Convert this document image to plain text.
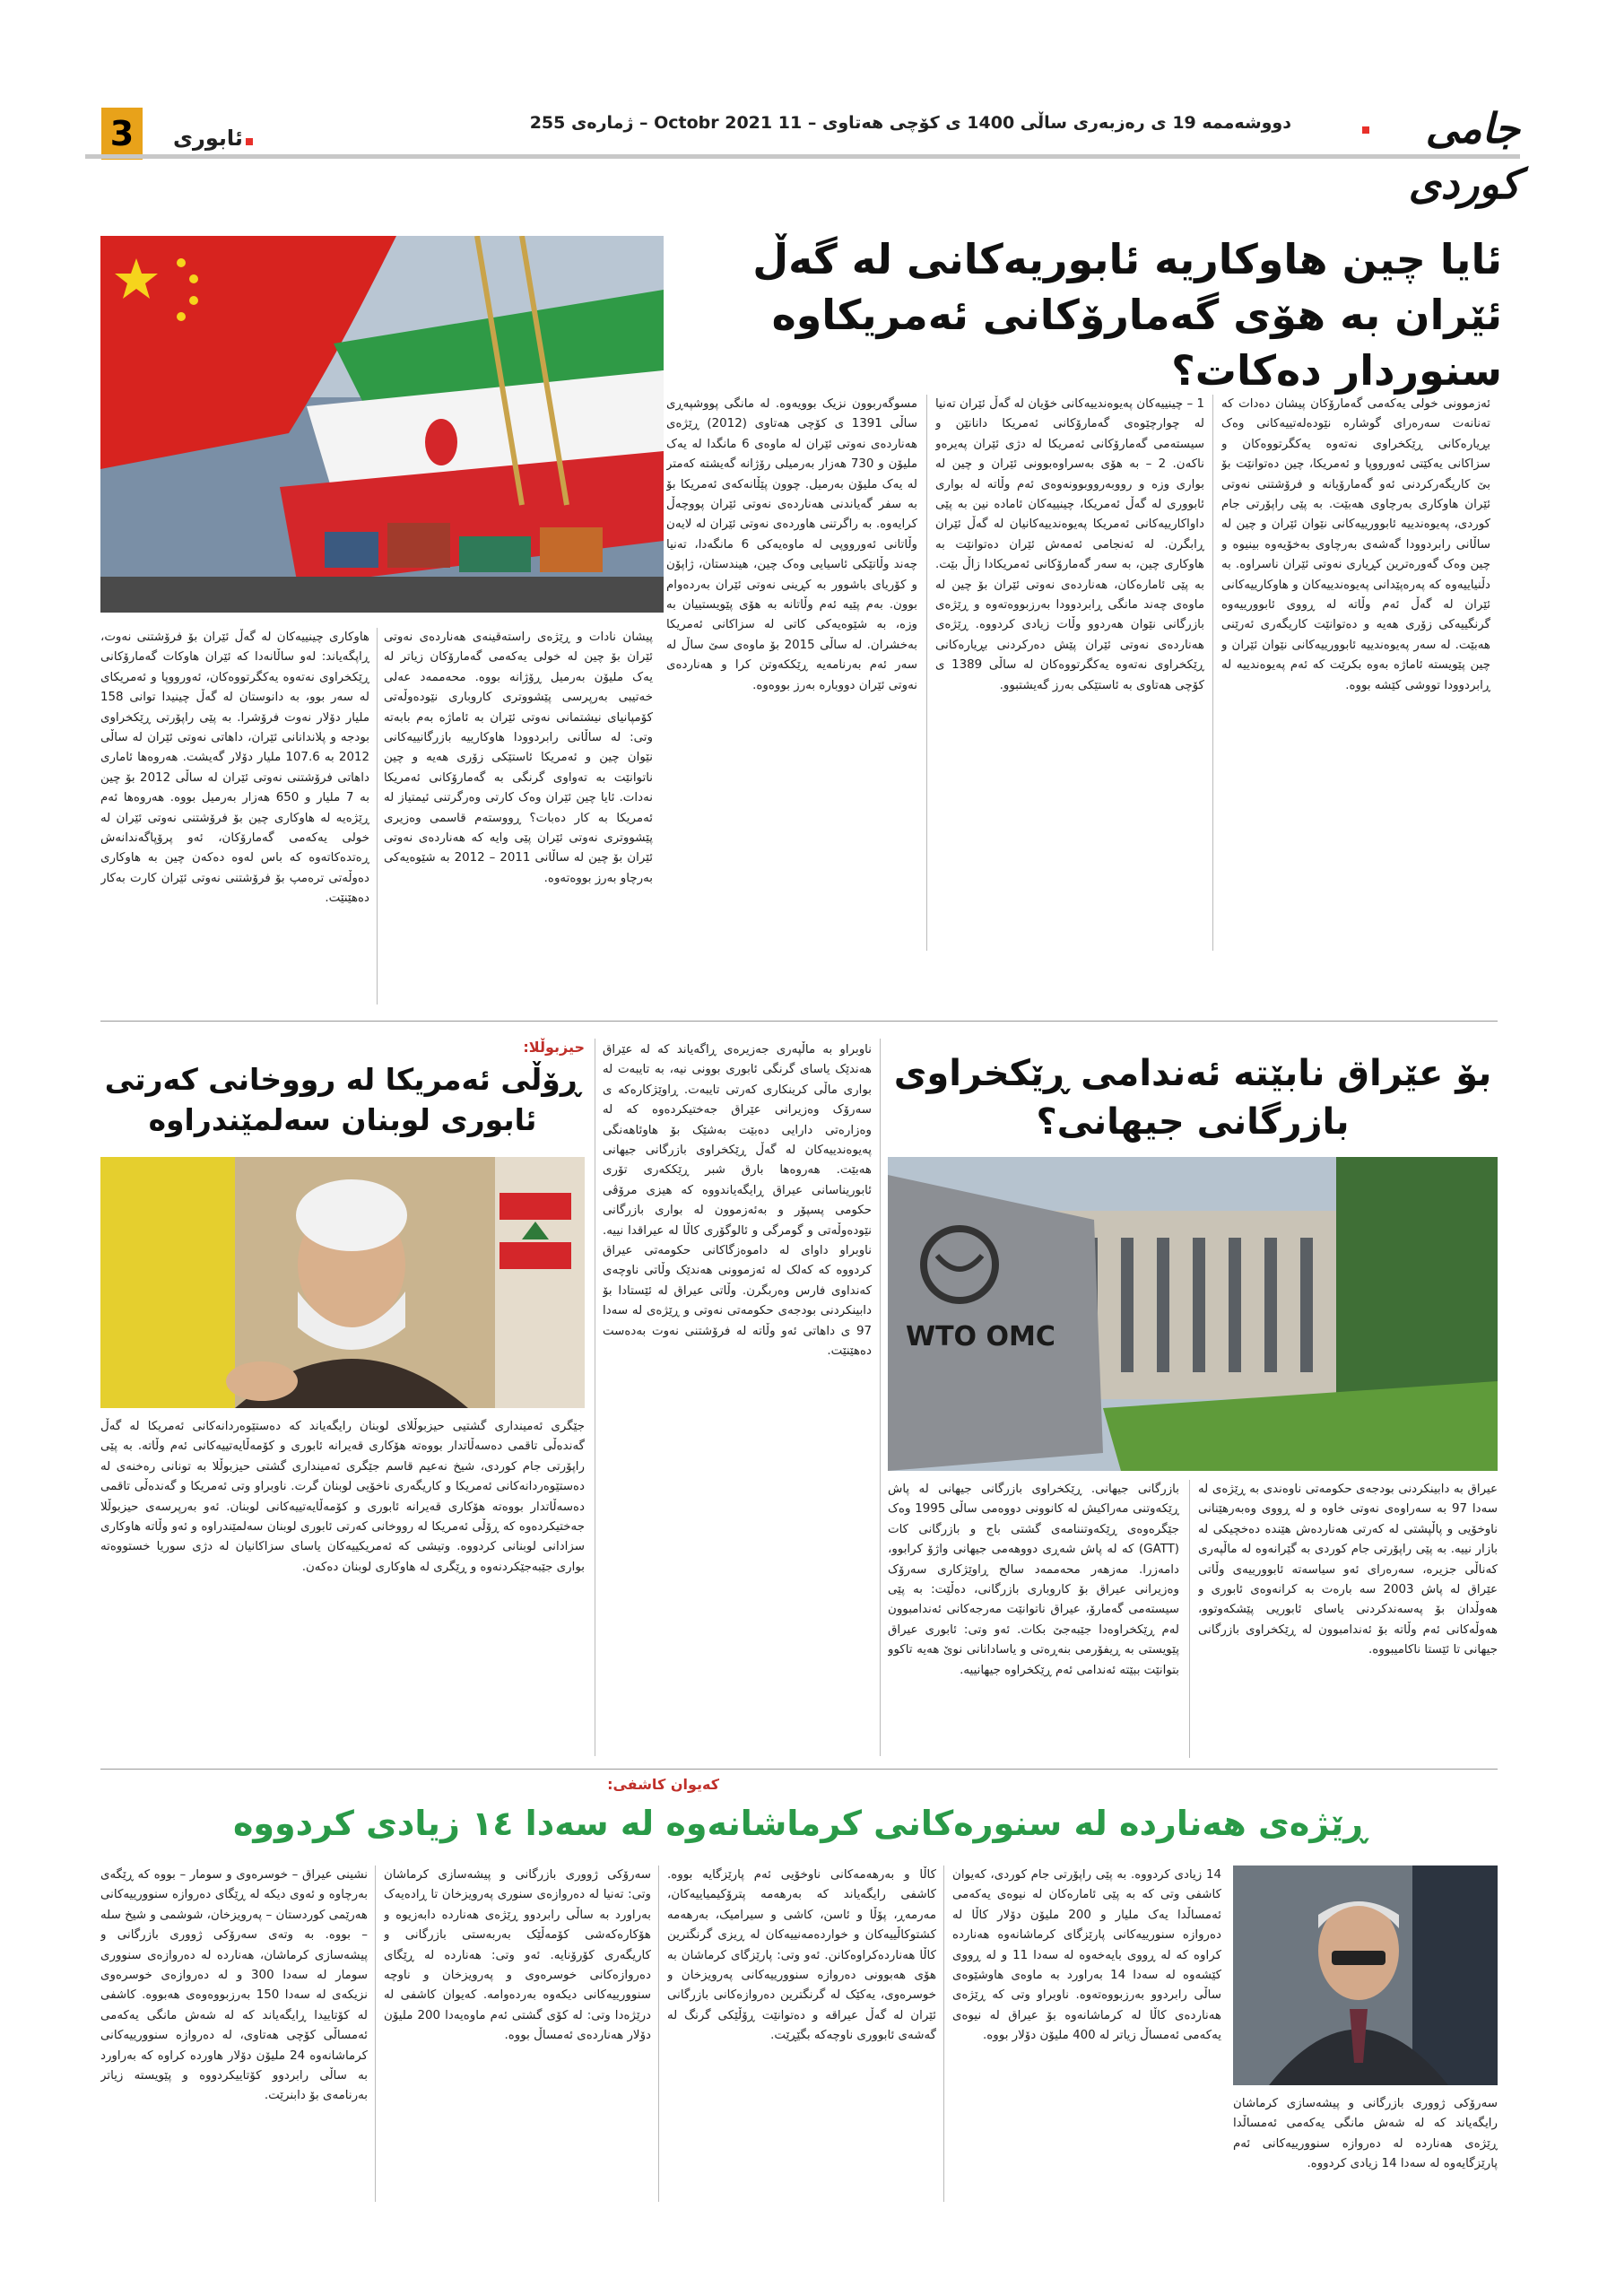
3	ئابوری
دووشەممە 19 ی رەزبەری ساڵی 1400 ی کۆچی هەتاوی – 11 Octobr 2021 – ژمارەی 255	جامی کوردی
ئایا چین هاوکاریە ئابوریەکانی لە گەڵ ئێران بە هۆی گەمارۆکانی ئەمریکاوە سنوردار دەکات؟
ئەزموونی خولی یەکەمی گەمارۆکان پیشان دەدات کە تەنانەت سەرەرای گوشارە نێودەلەتییەکانی وەک بڕیارەکانی ڕێکخراوی نەتەوە یەکگرتووەکان و سزاکانی یەکێتی ئەورووپا و ئەمریکا، چین دەتوانێت بۆ بێ کاریگەرکردنی ئەو گەمارۆیانە و فرۆشتنی نەوتی ئێران هاوکاری بەرچاوی هەبێت. بە پێی راپۆرتی جام کوردی، پەیوەندییە ئابوورییەکانی نێوان ئێران و چین لە ساڵانی رابردوودا گەشەی بەرچاوی بەخۆیەوە بینیوە و چین وەک گەورەترین کڕیاری نەوتی ئێران ناسراوە. بە دڵنیاییەوە کە پەرەپێدانی پەیوەندییەکان و هاوکارییەکانی ئێران لە گەڵ ئەم وڵاتە لە ڕووی ئابوورییەوە گرنگییەکی زۆری هەیە و دەتوانێت کاریگەری ئەرێنی هەبێت. لە سەر پەیوەندییە ئابوورییەکانی نێوان ئێران و چین پێویستە ئاماژە بەوە بکرێت کە ئەم پەیوەندییە لە ڕابردوودا تووشی کێشە بووە.
1 – چینییەکان پەیوەندییەکانی خۆیان لە گەڵ ئێران تەنیا لە چوارچێوەی گەمارۆکانی ئەمریکا دانانێن و سیستەمی گەمارۆکانی ئەمریکا لە دژی ئێران پەیرەو ناکەن. 2 – بە هۆی بەسراوەبوونی ئێران و چین لە بواری وزە و رووبەرووبوونەوەی ئەم وڵاتە لە بواری ئابووری لە گەڵ ئەمریکا، چینییەکان ئامادە نین بە پێی داواکارییەکانی ئەمریکا پەیوەندییەکانیان لە گەڵ ئێران ڕابگرن. لە ئەنجامی ئەمەش ئێران دەتوانێت بە هاوکاری چین، بە سەر گەمارۆکانی ئەمریکادا زاڵ بێت. بە پێی ئامارەکان، هەناردەی نەوتی ئێران بۆ چین لە ماوەی چەند مانگی ڕابردوودا بەرزبووەتەوە و ڕێژەی بازرگانی نێوان هەردوو وڵات زیادی کردووە. ڕێژەی هەناردەی نەوتی ئێران پێش دەرکردنی بڕیارەکانی ڕێکخراوی نەتەوە یەکگرتووەکان لە ساڵی 1389 ی کۆچی هەتاوی بە ئاستێکی بەرز گەیشتبوو.
مسوگەربوون نزیک بوویەوە. لە مانگی پووشپەڕی ساڵی 1391 ی کۆچی هەتاوی (2012) ڕێژەی هەناردەی نەوتی ئێران لە ماوەی 6 مانگدا لە یەک ملیۆن و 730 هەزار بەرمیلی رۆژانە گەیشتە کەمتر لە یەک ملیۆن بەرمیل. چوون پێڵانەکەی ئەمریکا بۆ بە سفر گەیاندنی هەناردەی نەوتی ئێران پووچەڵ کرایەوە. بە راگرتنی هاوردەی نەوتی ئێران لە لایەن وڵاتانی ئەورووپی لە ماوەیەکی 6 مانگەدا، تەنیا چەند وڵاتێکی ئاسیایی وەک چین، هیندستان، ژاپۆن و کۆریای باشوور بە کڕینی نەوتی ئێران بەردەوام بوون. بەم پێیە ئەم وڵاتانە بە هۆی پێویستییان بە وزە، بە شێوەیەکی کاتی لە سزاکانی ئەمریکا بەخشران. لە ساڵی 2015 بۆ ماوەی سێ ساڵ لە سەر ئەم بەرنامەیە ڕێککەوتن کرا و هەناردەی نەوتی ئێران دووبارە بەرز بووەوە.
پیشان نادات و ڕێژەی راستەقینەی هەناردەی نەوتی ئێران بۆ چین لە خولی یەکەمی گەمارۆکان زیاتر لە یەک ملیۆن بەرمیل ڕۆژانە بووە. محەممەد عەلی خەتیبی بەرپرسی پێشووتری کاروباری نێودەوڵەتی کۆمپانیای نیشتمانی نەوتی ئێران بە ئاماژە بەم بابەتە وتی: لە ساڵانی رابردوودا هاوکارییە بازرگانییەکانی نێوان چین و ئەمریکا ئاستێکی زۆری هەیە و چین ناتوانێت بە تەواوی گرنگی بە گەمارۆکانی ئەمریکا نەدات. ئایا چین ئێران وەک کارتی وەرگرتنی ئیمتیاز لە ئەمریکا بە کار دەبات؟ ڕووستەم قاسمی وەزیری پێشووتری نەوتی ئێران پێی وایە کە هەناردەی نەوتی ئێران بۆ چین لە ساڵانی 2011 – 2012 بە شێوەیەکی بەرچاو بەرز بووەتەوە.
هاوکاری چینییەکان لە گەڵ ئێران بۆ فرۆشتنی نەوت، ڕاپگەیاند: لەو ساڵانەدا کە ئێران هاوکات گەمارۆکانی ڕێکخراوی نەتەوە یەکگرتووەکان، ئەورووپا و ئەمریکای لە سەر بوو، بە دانوستان لە گەڵ چینیدا توانی 158 ملیار دۆلار نەوت فرۆشرا. بە پێی راپۆرتی ڕێکخراوی بودجە و پلاندانانی ئێران، داهاتی نەوتی ئێران لە ساڵی 2012 بە 107.6 ملیار دۆلار گەیشت. هەروەها ئاماری داهاتی فرۆشتنی نەوتی ئێران لە ساڵی 2012 بۆ چین بە 7 ملیار و 650 هەزار بەرمیل بووە. هەروەها ئەم ڕێژەیە لە هاوکاری چین بۆ فرۆشتنی نەوتی ئێران لە خولی یەکەمی گەمارۆکان، ئەو پرۆپاگەندانەش ڕەتدەکاتەوە کە باس لەوە دەکەن چین بە هاوکاری دەوڵەتی ترەمپ بۆ فرۆشتنی نەوتی ئێران کارت بەکار دەهێنێت.
حیزبوڵلا:
ڕۆڵی ئەمریکا لە رووخانی کەرتی ئابوری لوبنان سەلمێندراوە
جێگری ئەمینداری گشتیی حیزبوڵلای لوبنان رایگەیاند کە دەستێوەردانەکانی ئەمریکا لە گەڵ گەندەڵی تاقمی دەسەڵاتدار بووەتە هۆکاری قەیرانە ئابوری و کۆمەڵایەتییەکانی ئەم وڵاتە. بە پێی راپۆرتی جام کوردی، شیخ نەعیم قاسم جێگری ئەمینداری گشتی حیزبوڵلا بە تونانی رەخنەی لە دەستێوەردانەکانی ئەمریکا و کاریگەری ناخۆیی لوبنان گرت. ناوبراو وتی ئەمریکا و گەندەڵی تاقمی دەسەڵاتدار بووەتە هۆکاری قەیرانە ئابوری و کۆمەڵایەتییەکانی لوبنان. ئەو بەرپرسەی حیزبوڵلا جەختیکردەوە کە ڕۆڵی ئەمریکا لە رووخانی کەرتی ئابوری لوبنان سەلمێندراوە و ئەو وڵاتە هاوکاری سزادانی لوبنانی کردووە. وتیشی کە ئەمریکییەکان یاسای سزاکانیان لە دژی سوریا خستووەتە بواری جێبەجێکردنەوە و ڕێگری لە هاوکاری لوبنان دەکەن.
ناوبراو بە ماڵپەری جەزیرەی ڕاگەیاند کە لە عێراق هەندێک یاسای گرنگی ئابوری بوونی نیە، بە تایبەت لە بواری ماڵی کرینکاری کەرتی تایبەت. ڕاوێژکارەکە ی سەرۆک وەزیرانی عێراق جەختیکردەوە کە لە وەزارەتی دارایی دەبێت بەشێک بۆ هاوئاهەنگی پەیوەندییەکان لە گەڵ ڕێکخراوی بازرگانی جیهانی هەبێت. هەروەها بارق شبر ڕێککەری تۆری ئابوریناسانی عیراق ڕایگەیاندووە کە هیزی مرۆڤی حکومی پسپۆر و بەئەزموون لە بواری بازرگانی نێودەوڵەتی و گومرگی و ئالوگۆری کاڵا لە عیراقدا نییە. ناوبراو داوای لە داموەزگاکانی حکومەتی عیراق کردووە کە کەلک لە ئەزموونی هەندێک وڵاتی ناوچەی کەنداوی فارس وەربگرن. وڵاتی عیراق لە ئێستادا بۆ دابینکردنی بودجەی حکومەتی نەوتی و ڕێژەی لە سەدا 97 ی داهاتی ئەو وڵاتە لە فرۆشتنی نەوت بەدەست دەهێنێت.
بۆ عێراق نابێتە ئەندامی ڕێکخراوی بازرگانی جیهانی؟
WTO OMC
بازرگانی جیهانی. ڕێکخراوی بازرگانی جیهانی لە پاش ڕێکەوتنی مەراکیش لە کانوونی دووەمی ساڵی 1995 وەک جێگرەوەی ڕێکەوتننامەی گشتی باج و بازرگانی کات (GATT) کە لە پاش شەڕی دووهەمی جیهانی واژۆ کرابوو، دامەزرا. مەزهەر محەممەد سالح ڕاوێژکاری سەرۆک وەزیرانی عیراق بۆ کاروباری بازرگانی، دەڵێت: بە پێی سیستەمی گەمارۆ، عیراق ناتوانێت مەرجەکانی ئەندامبوون لەم ڕێکخراوەدا جێبەجێ بکات. ئەو وتی: ئابوری عیراق پێویستی بە ڕیفۆرمی بنەڕەتی و یاسادانانی نوێ هەیە تاکوو بتوانێت ببێتە ئەندامی ئەم ڕێکخراوە جیهانییە.
عیراق بە دابینکردنی بودجەی حکومەتی ناوەندی بە ڕێژەی لە سەدا 97 بە سەراوەی نەوتی خاوە و لە ڕووی وەبەرهێنانی ناوخۆیی و پاڵپشتی لە کەرتی هەناردەش هێندە دەخچیکی لە بازار نییە. بە پێی راپۆرتی جام کوردی بە گێرانەوە لە ماڵپەری کەناڵی جزیرە، سەرەرای ئەو سیاسەتە ئابوورییەی وڵاتی عێراق لە پاش 2003 سە بارەت بە کرانەوەی ئابوری و هەوڵدان بۆ پەسەندکردنی یاسای ئابوریی پێشکەوتوو، هەوڵەکانی ئەم وڵاتە بۆ ئەندامبوون لە ڕێکخراوی بازرگانی جیهانی تا ئێستا ناکامیبووە.
کەیوان کاشفی:
ڕێژەی هەنارده لە سنورەکانی کرماشانەوە لە سەدا ١٤ زیادی کردووە
سەرۆکی ژووری بازرگانی و پیشەسازی کرماشان رایگەیاند کە لە شەش مانگی یەکەمی ئەمساڵدا ڕێژەی هەناردە لە دەروازە سنوورییەکانی ئەم پارێزگایەوە لە سەدا 14 زیادی کردووە.
14 زیادی کردووە. بە پێی راپۆرتی جام کوردی، کەیوان کاشفی وتی کە بە پێی ئامارەکان لە نیوەی یەکەمی ئەمساڵدا یەک ملیار و 200 ملیۆن دۆلار کاڵا لە دەروازە سنورییەکانی پارێزگای کرماشانەوە هەناردە کراوە کە لە ڕووی بایەخەوە لە سەدا 11 و لە ڕووی کێشەوە لە سەدا 14 بەراورد بە ماوەی هاوشێوەی ساڵی رابردوو بەرزبووەتەوە. ناوبراو وتی کە ڕێژەی هەناردەی کاڵا لە کرماشانەوە بۆ عیراق لە نیوەی یەکەمی ئەمساڵ زیاتر لە 400 ملیۆن دۆلار بووە.
کاڵا و بەرهەمەکانی ناوخۆیی ئەم پارێزگایە بووە. کاشفی رایگەیاند کە بەرهەمە پترۆکیمیاییەکان، مەرمەڕ، پۆڵا و ئاسن، کاشی و سیرامیک، بەرهەمە کشتوکاڵییەکان و خواردەمەنییەکان لە ڕیزی گرنگترین کاڵا هەناردەکراوەکانن. ئەو وتی: پارێزگای کرماشان بە هۆی هەبوونی دەروازە سنوورییەکانی پەرویزخان و خوسرەوی، یەکێک لە گرنگترین دەروازەکانی بازرگانی ئێران لە گەڵ عیراقە و دەتوانێت ڕۆڵێکی گرنگ لە گەشەی ئابووری ناوچەکە بگێڕێت.
سەرۆکی ژووری بازرگانی و پیشەسازی کرماشان وتی: تەنیا لە دەروازەی سنوری پەرویزخان تا ڕادەیەک بەراورد بە ساڵی رابردوو ڕێژەی هەناردە دابەزیوە و هۆکارەکەشی کۆمەڵێک بەربەستی بازرگانی و کاریگەری کۆرۆنایە. ئەو وتی: هەناردە لە ڕێگای دەروازەکانی خوسرەوی و پەرویزخان و ناوچە سنوورییەکانی دیکەوە بەردەوامە. کەیوان کاشفی لە درێژەدا وتی: لە کۆی گشتی ئەم ماوەیەدا 200 ملیۆن دۆلار هەناردەی ئەمساڵ بووە.
نشینی عیراق – خوسرەوی و سومار – بووە کە ڕێگەی بەرچاوە و ئەوی دیکە لە ڕێگای دەروازە سنوورییەکانی هەرێمی کوردستان – پەرویزخان، شوشمی و شیخ سلە – بووە. بە وتەی سەرۆکی ژووری بازرگانی و پیشەسازی کرماشان، هەناردە لە دەروازەی سنووری سومار لە سەدا 300 و لە دەروازەی خوسرەوی نزیکەی لە سەدا 150 بەرزبووەوەی هەبووە. کاشفی لە کۆتاییدا ڕایگەیاند کە لە شەش مانگی یەکەمی ئەمساڵی کۆچی هەتاوی، لە دەروازە سنوورییەکانی کرماشانەوە 24 ملیۆن دۆلار هاوردە کراوە کە بەراورد بە ساڵی رابردوو کۆتاییکردووە و پێویستە زیاتر بەرنامەی بۆ دابنرێت.
